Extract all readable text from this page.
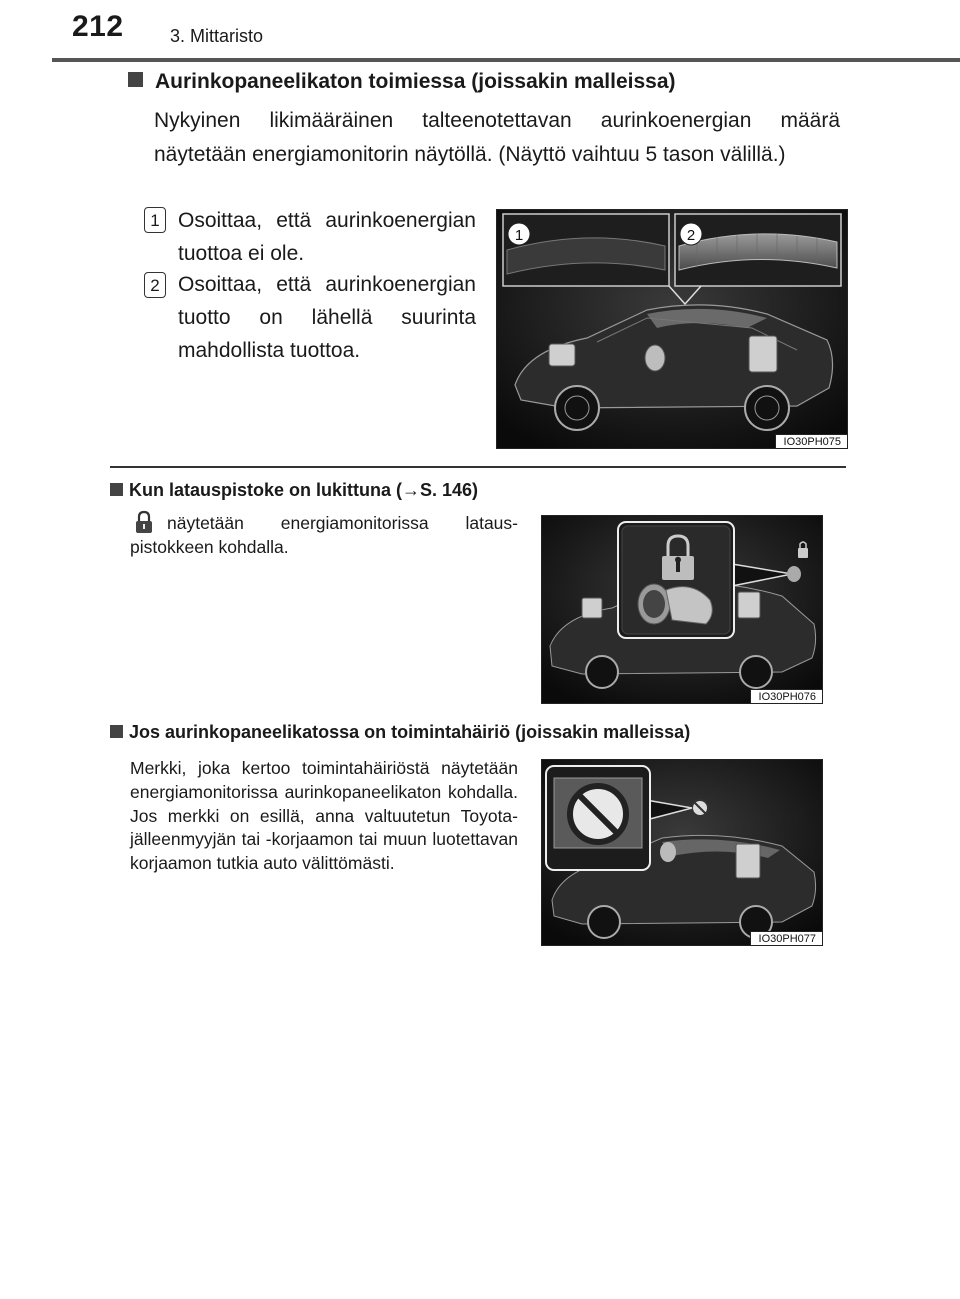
212	3. Mittaristo
Aurinkopaneelikaton toimiessa (joissakin malleissa)
Nykyinen likimääräinen talteenotettavan aurinkoenergian määrä näytetään energiamonitorin näytöllä. (Näyttö vaihtuu 5 tason välillä.)
1 Osoittaa, että aurinkoenergian tuottoa ei ole.
2 Osoittaa, että aurinkoenergian tuotto on lähellä suurinta mahdollista tuottoa.
1	2
IO30PH075
Kun latauspistoke on lukittuna (→S. 146)
näytetään energiamonitorissa latauspistokkeen kohdalla.
IO30PH076
Jos aurinkopaneelikatossa on toimintahäiriö (joissakin malleissa)
Merkki, joka kertoo toimintahäiriöstä näytetään energiamonitorissa aurinkopaneelikaton kohdalla. Jos merkki on esillä, anna valtuutetun Toyota-jälleenmyyjän tai -korjaamon tai muun luotettavan korjaamon tutkia auto välittömästi.
IO30PH077
